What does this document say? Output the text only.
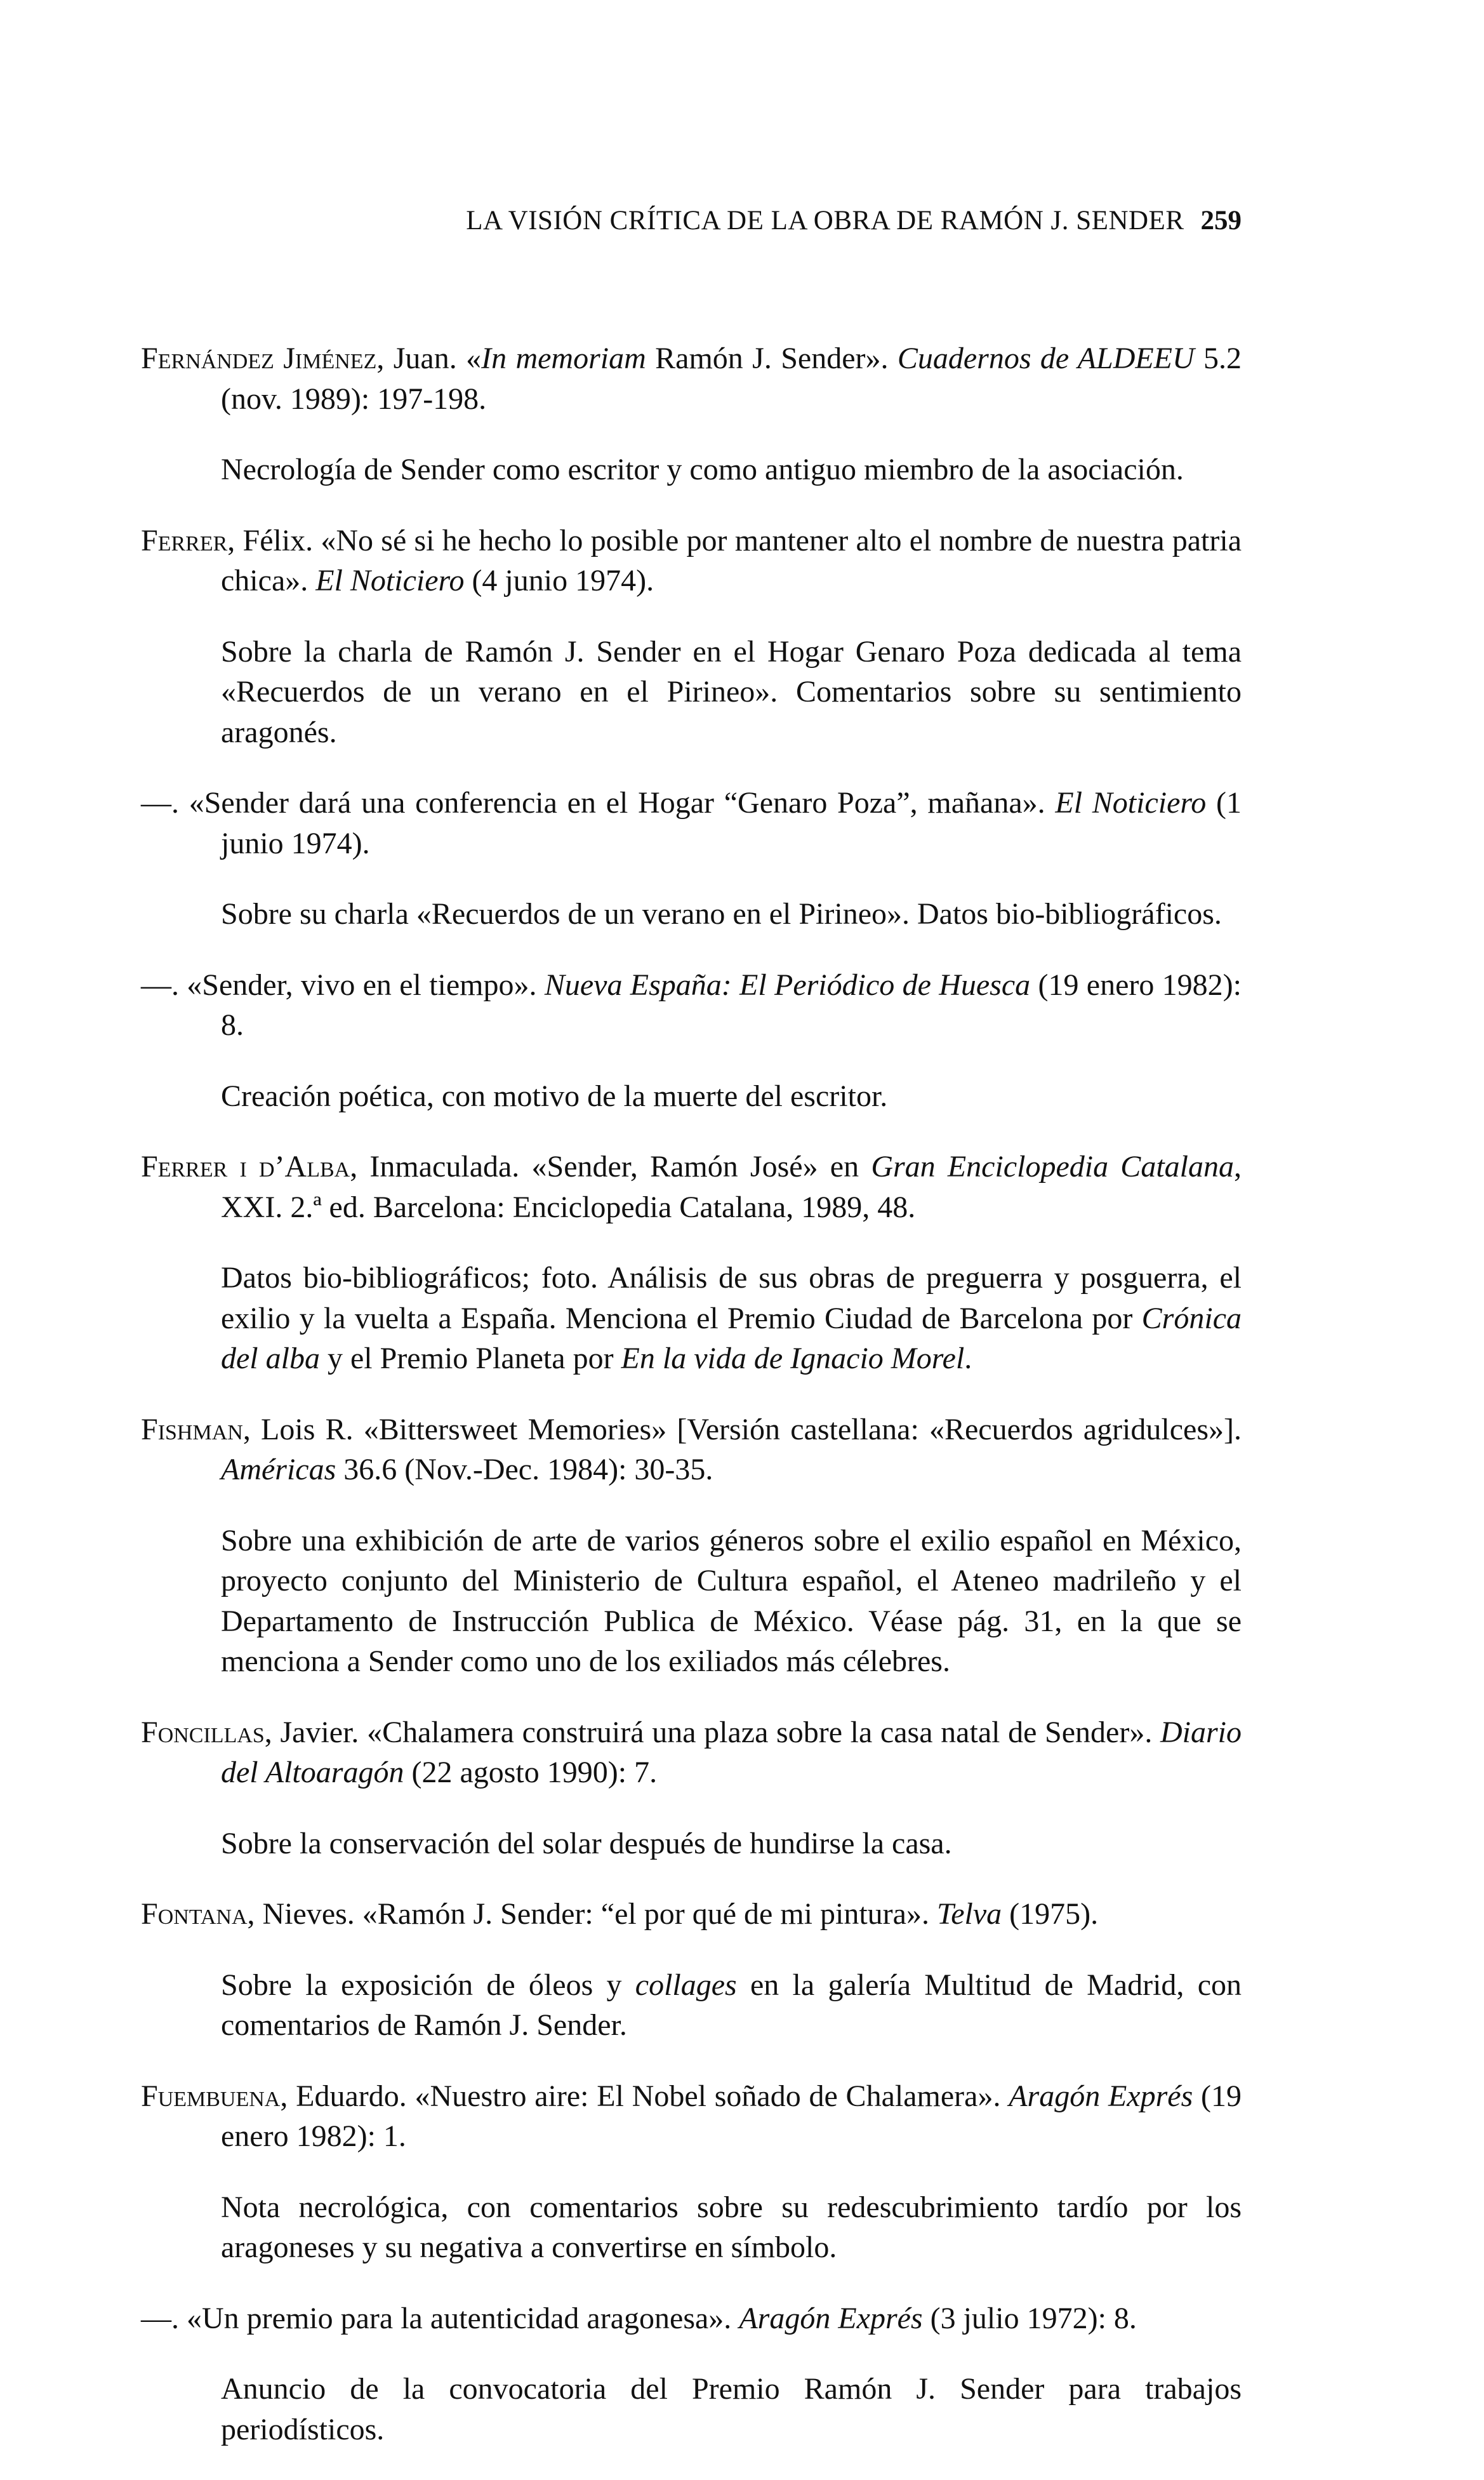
LA VISIÓN CRÍTICA DE LA OBRA DE RAMÓN J. SENDER 259

Fernández Jiménez, Juan. «In memoriam Ramón J. Sender». Cuadernos de ALDEEU 5.2 (nov. 1989): 197-198.

Necrología de Sender como escritor y como antiguo miembro de la asociación.

Ferrer, Félix. «No sé si he hecho lo posible por mantener alto el nombre de nuestra patria chica». El Noticiero (4 junio 1974).

Sobre la charla de Ramón J. Sender en el Hogar Genaro Poza dedicada al tema «Recuerdos de un verano en el Pirineo». Comentarios sobre su sentimiento aragonés.

—. «Sender dará una conferencia en el Hogar “Genaro Poza”, mañana». El Noticiero (1 junio 1974).

Sobre su charla «Recuerdos de un verano en el Pirineo». Datos bio-bibliográficos.

—. «Sender, vivo en el tiempo». Nueva España: El Periódico de Huesca (19 enero 1982): 8.

Creación poética, con motivo de la muerte del escritor.

Ferrer i d’Alba, Inmaculada. «Sender, Ramón José» en Gran Enciclopedia Catalana, XXI. 2.ª ed. Barcelona: Enciclopedia Catalana, 1989, 48.

Datos bio-bibliográficos; foto. Análisis de sus obras de preguerra y posguerra, el exilio y la vuelta a España. Menciona el Premio Ciudad de Barcelona por Crónica del alba y el Premio Planeta por En la vida de Ignacio Morel.

Fishman, Lois R. «Bittersweet Memories» [Versión castellana: «Recuerdos agridulces»]. Américas 36.6 (Nov.-Dec. 1984): 30-35.

Sobre una exhibición de arte de varios géneros sobre el exilio español en México, proyecto conjunto del Ministerio de Cultura español, el Ateneo madrileño y el Departamento de Instrucción Publica de México. Véase pág. 31, en la que se menciona a Sender como uno de los exiliados más célebres.

Foncillas, Javier. «Chalamera construirá una plaza sobre la casa natal de Sender». Diario del Altoaragón (22 agosto 1990): 7.

Sobre la conservación del solar después de hundirse la casa.

Fontana, Nieves. «Ramón J. Sender: “el por qué de mi pintura». Telva (1975).

Sobre la exposición de óleos y collages en la galería Multitud de Madrid, con comentarios de Ramón J. Sender.

Fuembuena, Eduardo. «Nuestro aire: El Nobel soñado de Chalamera». Aragón Exprés (19 enero 1982): 1.

Nota necrológica, con comentarios sobre su redescubrimiento tardío por los aragoneses y su negativa a convertirse en símbolo.

—. «Un premio para la autenticidad aragonesa». Aragón Exprés (3 julio 1972): 8.

Anuncio de la convocatoria del Premio Ramón J. Sender para trabajos periodísticos.
